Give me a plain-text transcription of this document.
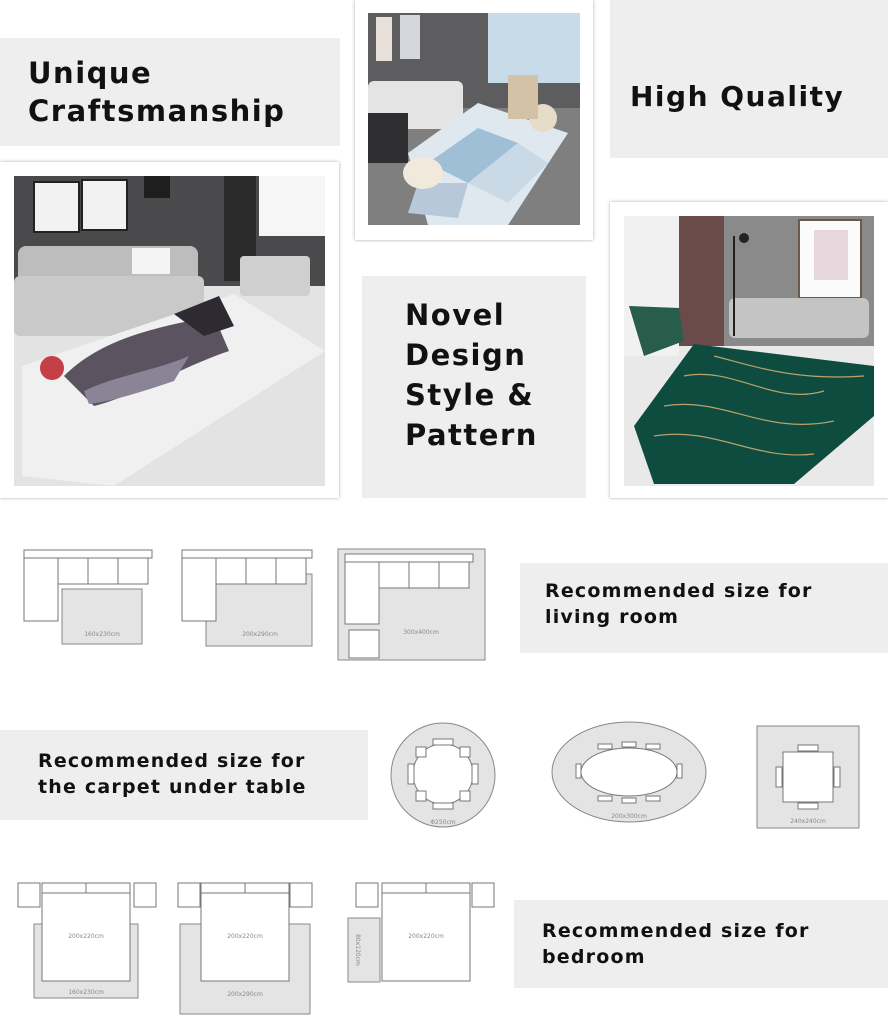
Unique
Craftsmanship	High Quality
Novel
Design
Style &
Pattern
160x230cm	200x290cm	300x400cm
Recommended size for
living room
Recommended size for
the carpet under table
Φ250cm
200x300cm
240x240cm
200x220cm
160x230cm
200x220cm
200x290cm
200x220cm
80x120cm
Recommended size for
bedroom
